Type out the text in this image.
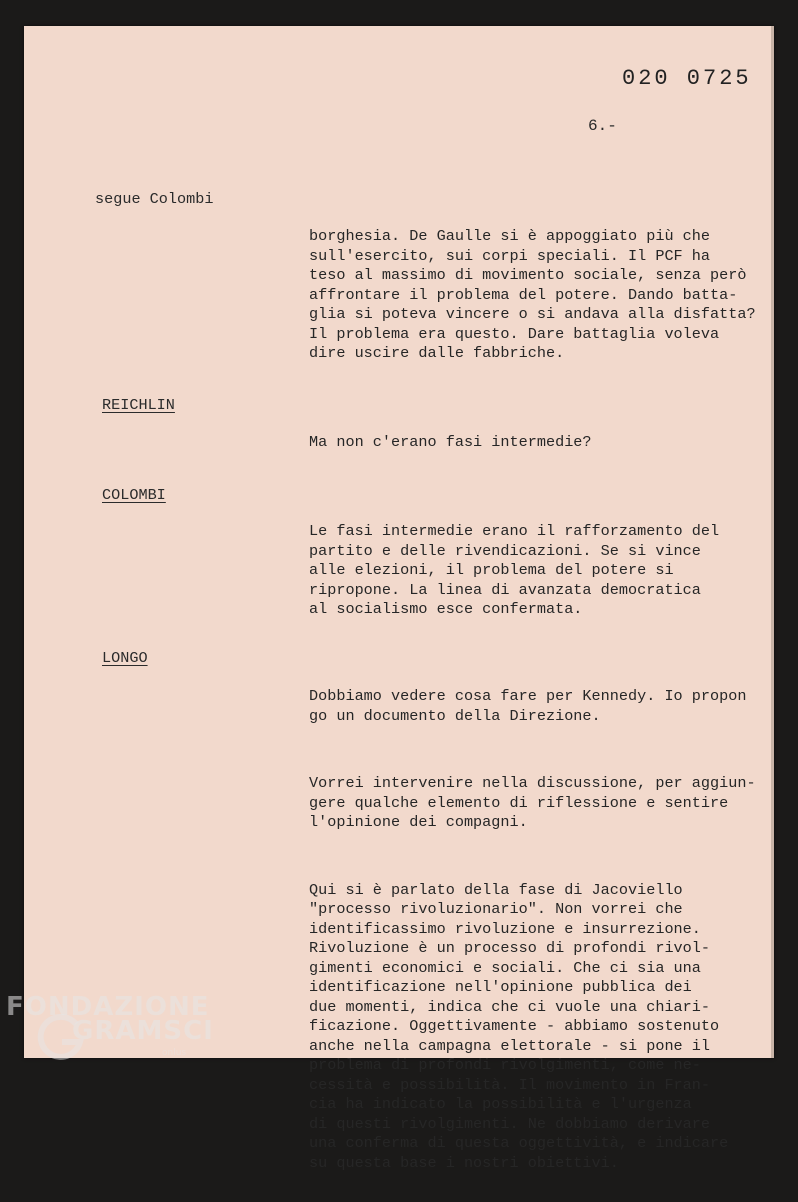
020 0725
6.-
segue Colombi

borghesia. De Gaulle si è appoggiato più che
sull'esercito, sui corpi speciali. Il PCF ha
teso al massimo di movimento sociale, senza però
affrontare il problema del potere. Dando batta-
glia si poteva vincere o si andava alla disfatta?
Il problema era questo. Dare battaglia voleva
dire uscire dalle fabbriche.

REICHLIN

Ma non c'erano fasi intermedie?

COLOMBI

Le fasi intermedie erano il rafforzamento del
partito e delle rivendicazioni. Se si vince
alle elezioni, il problema del potere si
ripropone. La linea di avanzata democratica
al socialismo esce confermata.

LONGO

Dobbiamo vedere cosa fare per Kennedy. Io propon
go un documento della Direzione.

Vorrei intervenire nella discussione, per aggiun-
gere qualche elemento di riflessione e sentire
l'opinione dei compagni.

Qui si è parlato della fase di Jacoviello
"processo rivoluzionario". Non vorrei che
identificassimo rivoluzione e insurrezione.
Rivoluzione è un processo di profondi rivol-
gimenti economici e sociali. Che ci sia una
identificazione nell'opinione pubblica dei
due momenti, indica che ci vuole una chiari-
ficazione. Oggettivamente - abbiamo sostenuto
anche nella campagna elettorale - si pone il
problema di profondi rivolgimenti, come ne-
cessità e possibilità. Il movimento in Fran-
cia ha indicato la possibilità e l'urgenza
di questi rivolgimenti. Ne dobbiamo derivare
una conferma di questa oggettività, e indicare
su questa base i nostri obiettivi.

FONDAZIONE
GRAMSCI
onlus
